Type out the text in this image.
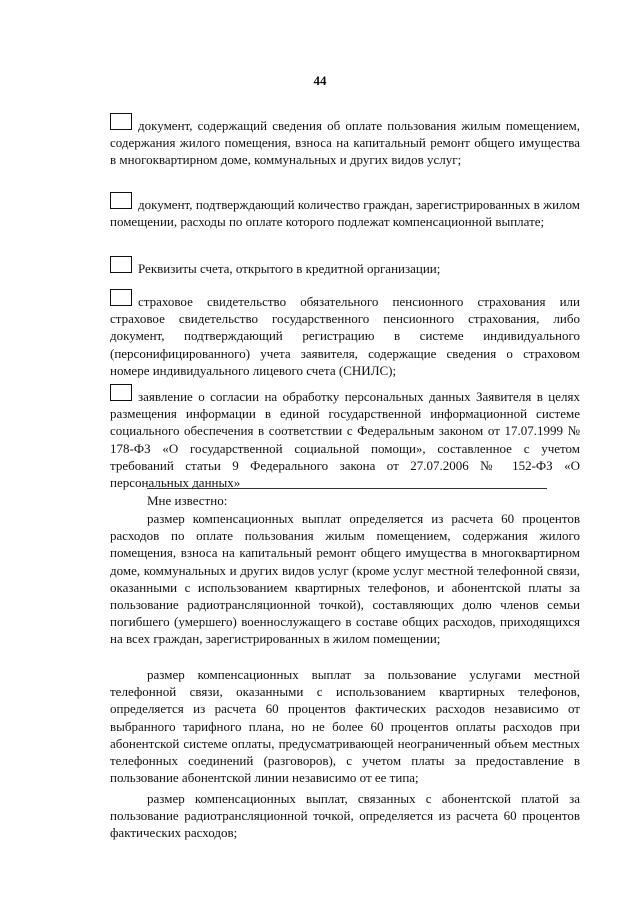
44
документ, содержащий сведения об оплате пользования жилым помещением, содержания жилого помещения, взноса на капитальный ремонт общего имущества в многоквартирном доме, коммунальных и других видов услуг;
документ, подтверждающий количество граждан, зарегистрированных в жилом помещении, расходы по оплате которого подлежат компенсационной выплате;
Реквизиты счета, открытого в кредитной организации;
страховое свидетельство обязательного пенсионного страхования или страховое свидетельство государственного пенсионного страхования, либо документ, подтверждающий регистрацию в системе индивидуального (персонифицированного) учета заявителя, содержащие сведения о страховом номере индивидуального лицевого счета (СНИЛС);
заявление о согласии на обработку персональных данных Заявителя в целях размещения информации в единой государственной информационной системе социального обеспечения в соответствии с Федеральным законом от 17.07.1999 № 178-ФЗ «О государственной социальной помощи», составленное с учетом требований статьи 9 Федерального закона от 27.07.2006 № 152-ФЗ «О персональных данных»
Мне известно:

размер компенсационных выплат определяется из расчета 60 процентов расходов по оплате пользования жилым помещением, содержания жилого помещения, взноса на капитальный ремонт общего имущества в многоквартирном доме, коммунальных и других видов услуг (кроме услуг местной телефонной связи, оказанными с использованием квартирных телефонов, и абонентской платы за пользование радиотрансляционной точкой), составляющих долю членов семьи погибшего (умершего) военнослужащего в составе общих расходов, приходящихся на всех граждан, зарегистрированных в жилом помещении;

размер компенсационных выплат за пользование услугами местной телефонной связи, оказанными с использованием квартирных телефонов, определяется из расчета 60 процентов фактических расходов независимо от выбранного тарифного плана, но не более 60 процентов оплаты расходов при абонентской системе оплаты, предусматривающей неограниченный объем местных телефонных соединений (разговоров), с учетом платы за предоставление в пользование абонентской линии независимо от ее типа;

размер компенсационных выплат, связанных с абонентской платой за пользование радиотрансляционной точкой, определяется из расчета 60 процентов фактических расходов;
